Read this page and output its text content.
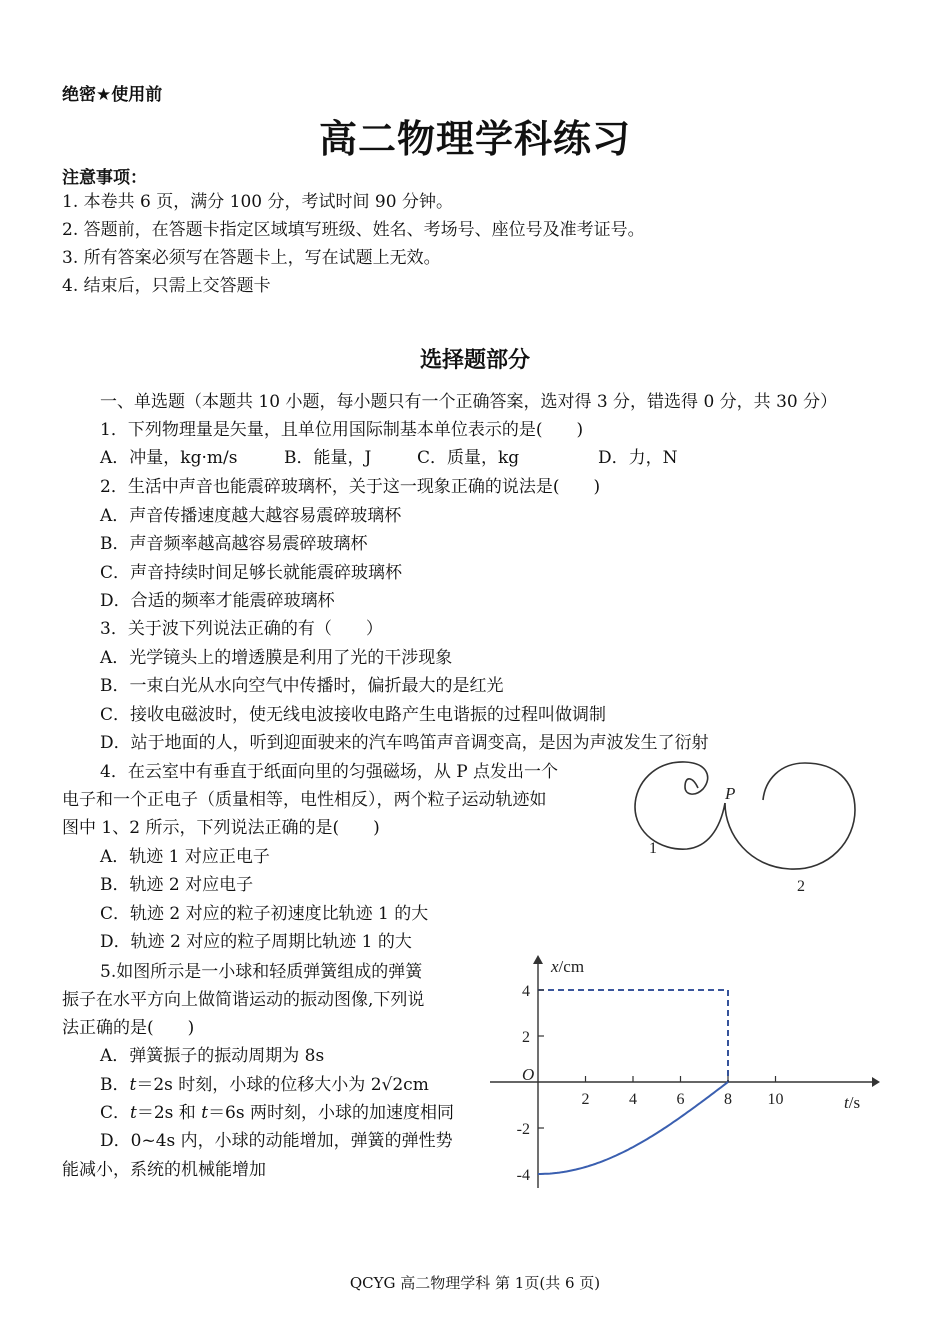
绝密★使用前
高二物理学科练习
注意事项：
1. 本卷共 6 页，满分 100 分，考试时间 90 分钟。
2. 答题前，在答题卡指定区域填写班级、姓名、考场号、座位号及准考证号。
3. 所有答案必须写在答题卡上，写在试题上无效。
4. 结束后，只需上交答题卡
选择题部分
一、单选题（本题共 10 小题，每小题只有一个正确答案，选对得 3 分，错选得 0 分，共 30 分）
1．下列物理量是矢量，且单位用国际制基本单位表示的是(　　)
A．冲量，kg·m/s	B．能量，J	C．质量，kg	D．力，N
2．生活中声音也能震碎玻璃杯，关于这一现象正确的说法是(　　)
A．声音传播速度越大越容易震碎玻璃杯
B．声音频率越高越容易震碎玻璃杯
C．声音持续时间足够长就能震碎玻璃杯
D．合适的频率才能震碎玻璃杯
3．关于波下列说法正确的有（　　）
A．光学镜头上的增透膜是利用了光的干涉现象
B．一束白光从水向空气中传播时，偏折最大的是红光
C．接收电磁波时，使无线电波接收电路产生电谐振的过程叫做调制
D．站于地面的人，听到迎面驶来的汽车鸣笛声音调变高，是因为声波发生了衍射
4．在云室中有垂直于纸面向里的匀强磁场，从 P 点发出一个
电子和一个正电子（质量相等，电性相反），两个粒子运动轨迹如
图中 1、2 所示，下列说法正确的是(　　)
A．轨迹 1 对应正电子
B．轨迹 2 对应电子
C．轨迹 2 对应的粒子初速度比轨迹 1 的大
D．轨迹 2 对应的粒子周期比轨迹 1 的大
P
1
2
5.如图所示是一小球和轻质弹簧组成的弹簧
振子在水平方向上做简谐运动的振动图像,下列说
法正确的是(　　)
A．弹簧振子的振动周期为 8s
B．t＝2s 时刻，小球的位移大小为 2√2cm
C．t＝2s 和 t＝6s 两时刻，小球的加速度相同
D．0~4s 内，小球的动能增加，弹簧的弹性势
能减小，系统的机械能增加
2 4 6 8 10
4
2
-2
-4
x/cm
t/s
O
QCYG 高二物理学科 第 1页(共 6 页)
